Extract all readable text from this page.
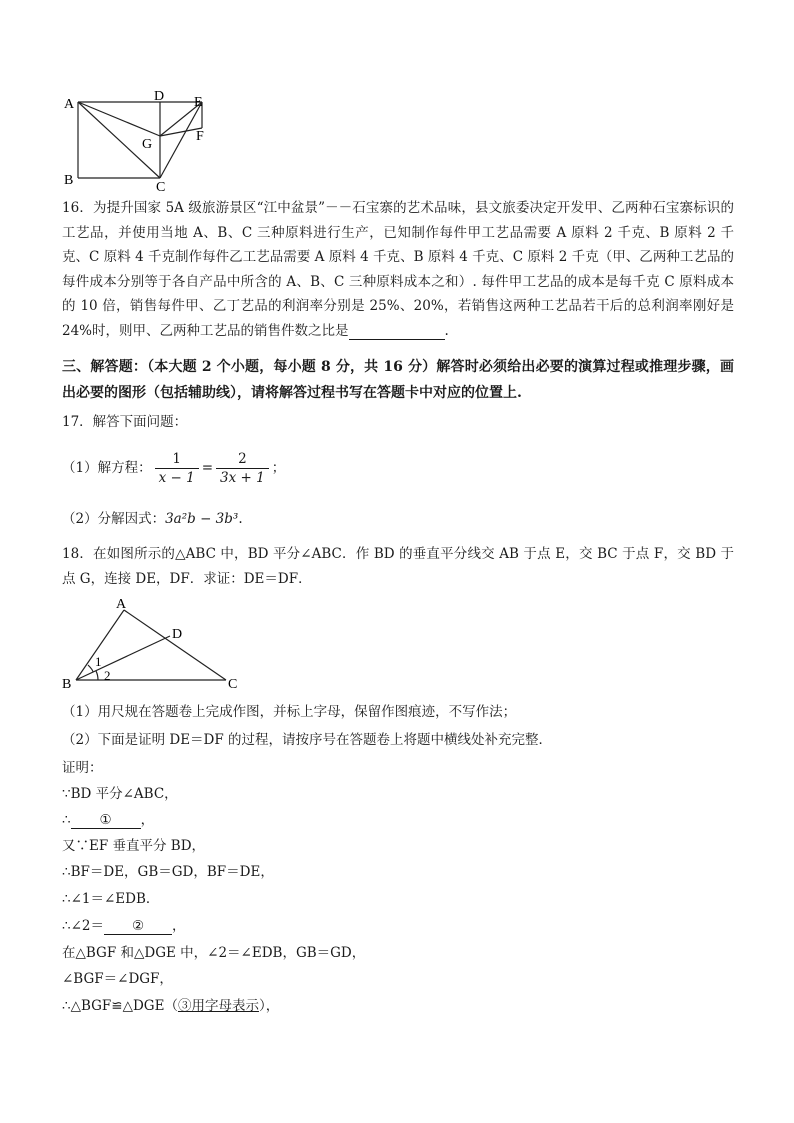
A
B	C
D E
F
G
16．为提升国家 5A 级旅游景区“江中盆景”－－石宝寨的艺术品味，县文旅委决定开发甲、乙两种石宝寨标识的工艺品，并使用当地 A、B、C 三种原料进行生产，已知制作每件甲工艺品需要 A 原料 2 千克、B 原料 2 千克、C 原料 4 千克制作每件乙工艺品需要 A 原料 4 千克、B 原料 4 千克、C 原料 2 千克（甲、乙两种工艺品的每件成本分别等于各自产品中所含的 A、B、C 三种原料成本之和）. 每件甲工艺品的成本是每千克 C 原料成本的 10 倍，销售每件甲、乙丁艺品的利润率分别是 25%、20%，若销售这两种工艺品若干后的总利润率刚好是 24%时，则甲、乙两种工艺品的销售件数之比是	.
三、解答题：（本大题 2 个小题，每小题 8 分，共 16 分）解答时必须给出必要的演算过程或推理步骤，画出必要的图形（包括辅助线），请将解答过程书写在答题卡中对应的位置上.
17．解答下面问题：
（1）解方程： $\frac{1}{x - 1} = \frac{2}{3x + 1}$ ；
（2）分解因式：3a²b − 3b³.
18．在如图所示的△ABC 中，BD 平分∠ABC．作 BD 的垂直平分线交 AB 于点 E，交 BC 于点 F，交 BD 于点 G，连接 DE，DF．求证：DE＝DF．
A
B	C
D
1
2
（1）用尺规在答题卷上完成作图，并标上字母，保留作图痕迹，不写作法；
（2）下面是证明 DE＝DF 的过程，请按序号在答题卷上将题中横线处补充完整．
证明：
∵BD 平分∠ABC，
∴ ① ，
又∵EF 垂直平分 BD，
∴BF＝DE，GB＝GD，BF＝DE，
∴∠1＝∠EDB．
∴∠2＝ ② ，
在△BGF 和△DGE 中，∠2＝∠EDB，GB＝GD，
∠BGF＝∠DGF，
∴△BGF≌△DGE（③用字母表示），
